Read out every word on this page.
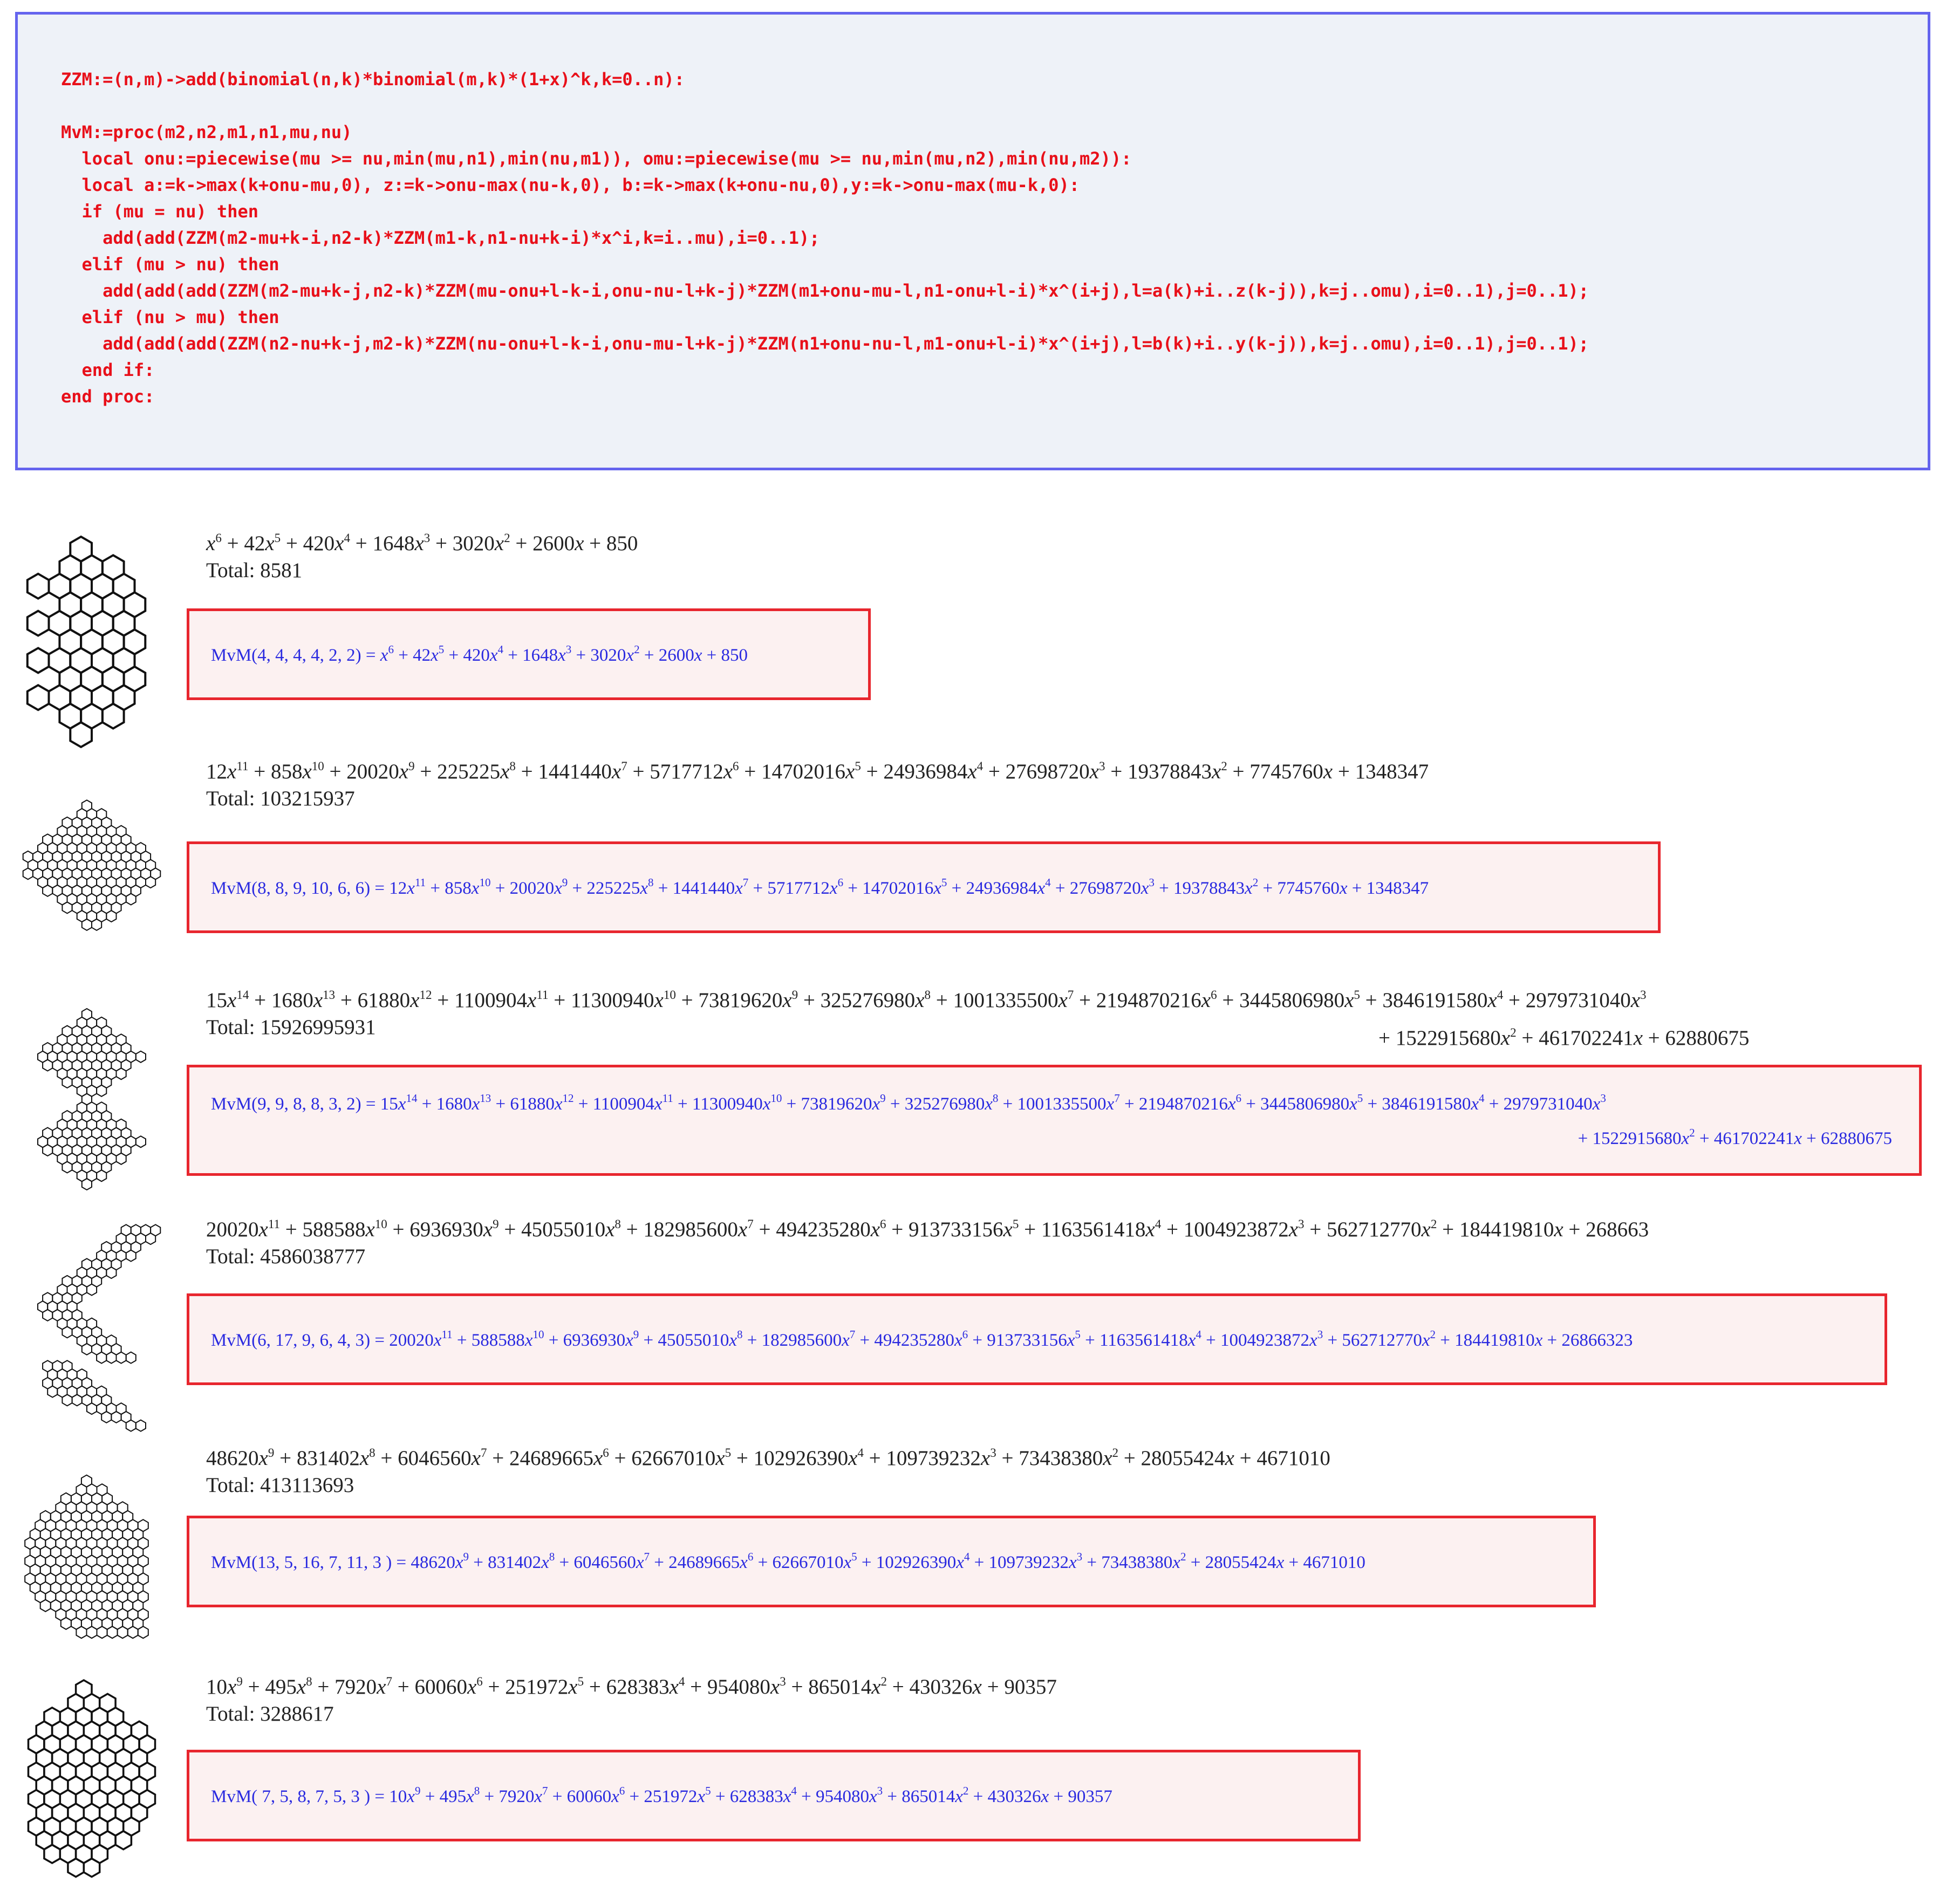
ZZM:=(n,m)->add(binomial(n,k)*binomial(m,k)*(1+x)^k,k=0..n):
MvM:=proc(m2,n2,m1,n1,mu,nu)
local onu:=piecewise(mu >= nu,min(mu,n1),min(nu,m1)), omu:=piecewise(mu >= nu,min(mu,n2),min(nu,m2)):
local a:=k->max(k+onu-mu,0), z:=k->onu-max(nu-k,0), b:=k->max(k+onu-nu,0),y:=k->onu-max(mu-k,0):
if (mu = nu) then
add(add(ZZM(m2-mu+k-i,n2-k)*ZZM(m1-k,n1-nu+k-i)*x^i,k=i..mu),i=0..1);
elif (mu > nu) then
add(add(add(ZZM(m2-mu+k-j,n2-k)*ZZM(mu-onu+l-k-i,onu-nu-l+k-j)*ZZM(m1+onu-mu-l,n1-onu+l-i)*x^(i+j),l=a(k)+i..z(k-j)),k=j..omu),i=0..1),j=0..1);
elif (nu > mu) then
add(add(add(ZZM(n2-nu+k-j,m2-k)*ZZM(nu-onu+l-k-i,onu-mu-l+k-j)*ZZM(n1+onu-nu-l,m1-onu+l-i)*x^(i+j),l=b(k)+i..y(k-j)),k=j..omu),i=0..1),j=0..1);
end if:
end proc:
$x^6 + 42x^5 + 420x^4 + 1648x^3 + 3020x^2 + 2600x + 850$
Total: 8581
MvM(4, 4, 4, 4, 2, $2) = x^6 + 42x^5 + 420x^4 + 1648x^3 + 3020x^2 + 2600x + 850$
$12x^{11} + 858x^{10} + 20020x^9 + 225225x^8 + 1441440x^7 + 5717712x^6 + 14702016x^5 + 24936984x^4 + 27698720x^3 + 19378843x^2 + 7745760x + 1348347$
Total: 103215937
MvM(8, 8, 9, 10, 6, $6) = 12x^{11} + 858x^{10} + 20020x^9 + 225225x^8 + 1441440x^7 + 5717712x^6 + 14702016x^5 + 24936984x^4 + 27698720x^3 + 19378843x^2 + 7745760x + 1348347$
$15x^{14} + 1680x^{13} + 61880x^{12} + 1100904x^{11} + 11300940x^{10} + 73819620x^9 + 325276980x^8 + 1001335500x^7 + 2194870216x^6 + 3445806980x^5 + 3846191580x^4 + 2979731040x^3$
Total: 15926995931	+ $1522915680x^2 + 461702241x + 62880675$
MvM(9, 9, 8, 8, 3, $2) = 15x^{14} + 1680x^{13} + 61880x^{12} + 1100904x^{11} + 11300940x^{10} + 73819620x^9 + 325276980x^8 + 1001335500x^7 + 2194870216x^6 + 3445806980x^5 + 3846191580x^4 + 2979731040x^3$
+ $1522915680x^2 + 461702241x + 62880675$
$20020x^{11} + 588588x^{10} + 6936930x^9 + 45055010x^8 + 182985600x^7 + 494235280x^6 + 913733156x^5 + 1163561418x^4 + 1004923872x^3 + 562712770x^2 + 184419810x + 268663$
Total: 4586038777
MvM(6, 17, 9, 6, 4, $3) = 20020x^{11} + 588588x^{10} + 6936930x^9 + 45055010x^8 + 182985600x^7 + 494235280x^6 + 913733156x^5 + 1163561418x^4 + 1004923872x^3 + 562712770x^2 + 184419810x + 26866323$
$48620x^9 + 831402x^8 + 6046560x^7 + 24689665x^6 + 62667010x^5 + 102926390x^4 + 109739232x^3 + 73438380x^2 + 28055424x + 4671010$
Total: 413113693
MvM(13, 5, 16, 7, 11, 3 ) = $48620x^9 + 831402x^8 + 6046560x^7 + 24689665x^6 + 62667010x^5 + 102926390x^4 + 109739232x^3 + 73438380x^2 + 28055424x + 4671010$
$10x^9 + 495x^8 + 7920x^7 + 60060x^6 + 251972x^5 + 628383x^4 + 954080x^3 + 865014x^2 + 430326x + 90357$
Total: 3288617
MvM( 7, 5, 8, 7, 5, 3 ) = $10x^9 + 495x^8 + 7920x^7 + 60060x^6 + 251972x^5 + 628383x^4 + 954080x^3 + 865014x^2 + 430326x + 90357$
